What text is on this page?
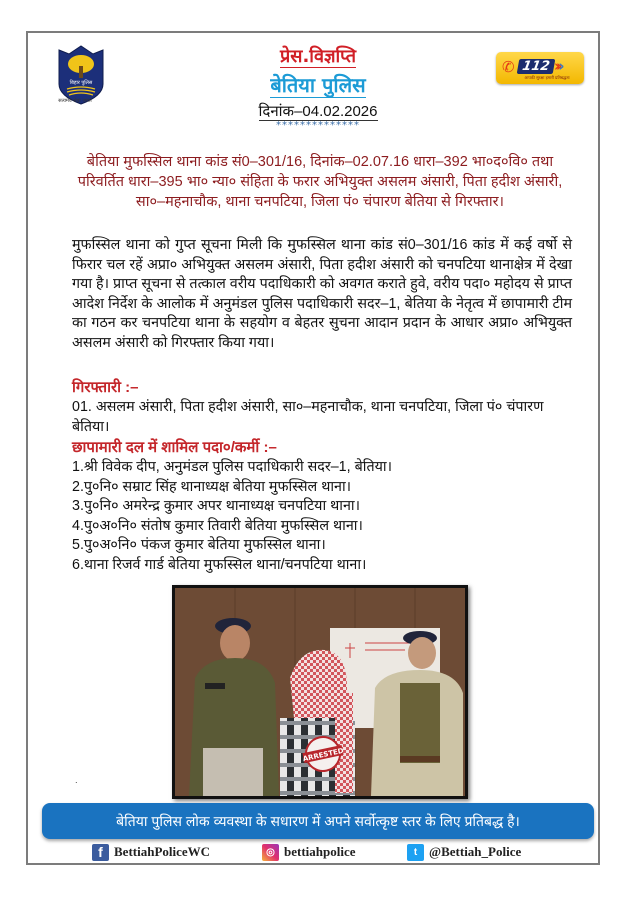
बिहार पुलिस
सत्यमेव सेवा जयते
प्रेस.विज्ञप्ति
बेतिया पुलिस
दिनांक–04.02.2026
**************
✆ 112 ›››
आपकी सुरक्षा हमारी प्रतिबद्धता
बेतिया मुफस्सिल थाना कांड सं0–301/16, दिनांक–02.07.16 धारा–392 भा०द०वि० तथा परिवर्तित धारा–395 भा० न्या० संहिता के फरार अभियुक्त असलम अंसारी, पिता हदीश अंसारी, सा०–महनाचौक, थाना चनपटिया, जिला पं० चंपारण बेतिया से गिरफ्तार।
मुफस्सिल थाना को गुप्त सूचना मिली कि मुफस्सिल थाना कांड सं0–301/16 कांड में कई वर्षो से फिरार चल रहें अप्रा० अभियुक्त असलम अंसारी, पिता हदीश अंसारी को चनपटिया थानाक्षेत्र में देखा गया है। प्राप्त सूचना से तत्काल वरीय पदाधिकारी को अवगत कराते हुवे, वरीय पदा० महोदय से प्राप्त आदेश निर्देश के आलोक में अनुमंडल पुलिस पदाधिकारी सदर–1, बेतिया के नेतृत्व में छापामारी टीम का गठन कर चनपटिया थाना के सहयोग व बेहतर सुचना आदान प्रदान के आधार अप्रा० अभियुक्त असलम अंसारी को गिरफ्तार किया गया।
गिरफ्तारी :–
01. असलम अंसारी, पिता हदीश अंसारी, सा०–महनाचौक, थाना चनपटिया, जिला पं० चंपारण बेतिया।
छापामारी दल में शामिल पदा०/कर्मी :–
1.श्री विवेक दीप, अनुमंडल पुलिस पदाधिकारी सदर–1, बेतिया।
2.पु०नि० सम्राट सिंह थानाध्यक्ष बेतिया मुफस्सिल थाना।
3.पु०नि० अमरेन्द्र कुमार अपर थानाध्यक्ष चनपटिया थाना।
4.पु०अ०नि० संतोष कुमार तिवारी बेतिया मुफस्सिल थाना।
5.पु०अ०नि० पंकज कुमार बेतिया मुफस्सिल थाना।
6.थाना रिजर्व गार्ड बेतिया मुफस्सिल थाना/चनपटिया थाना।
ARRESTED
.
बेतिया पुलिस लोक व्यवस्था के सधारण में अपने सर्वोत्कृष्ट स्तर के लिए प्रतिबद्ध है।
f BettiahPoliceWC	◎ bettiahpolice	t @Bettiah_Police
